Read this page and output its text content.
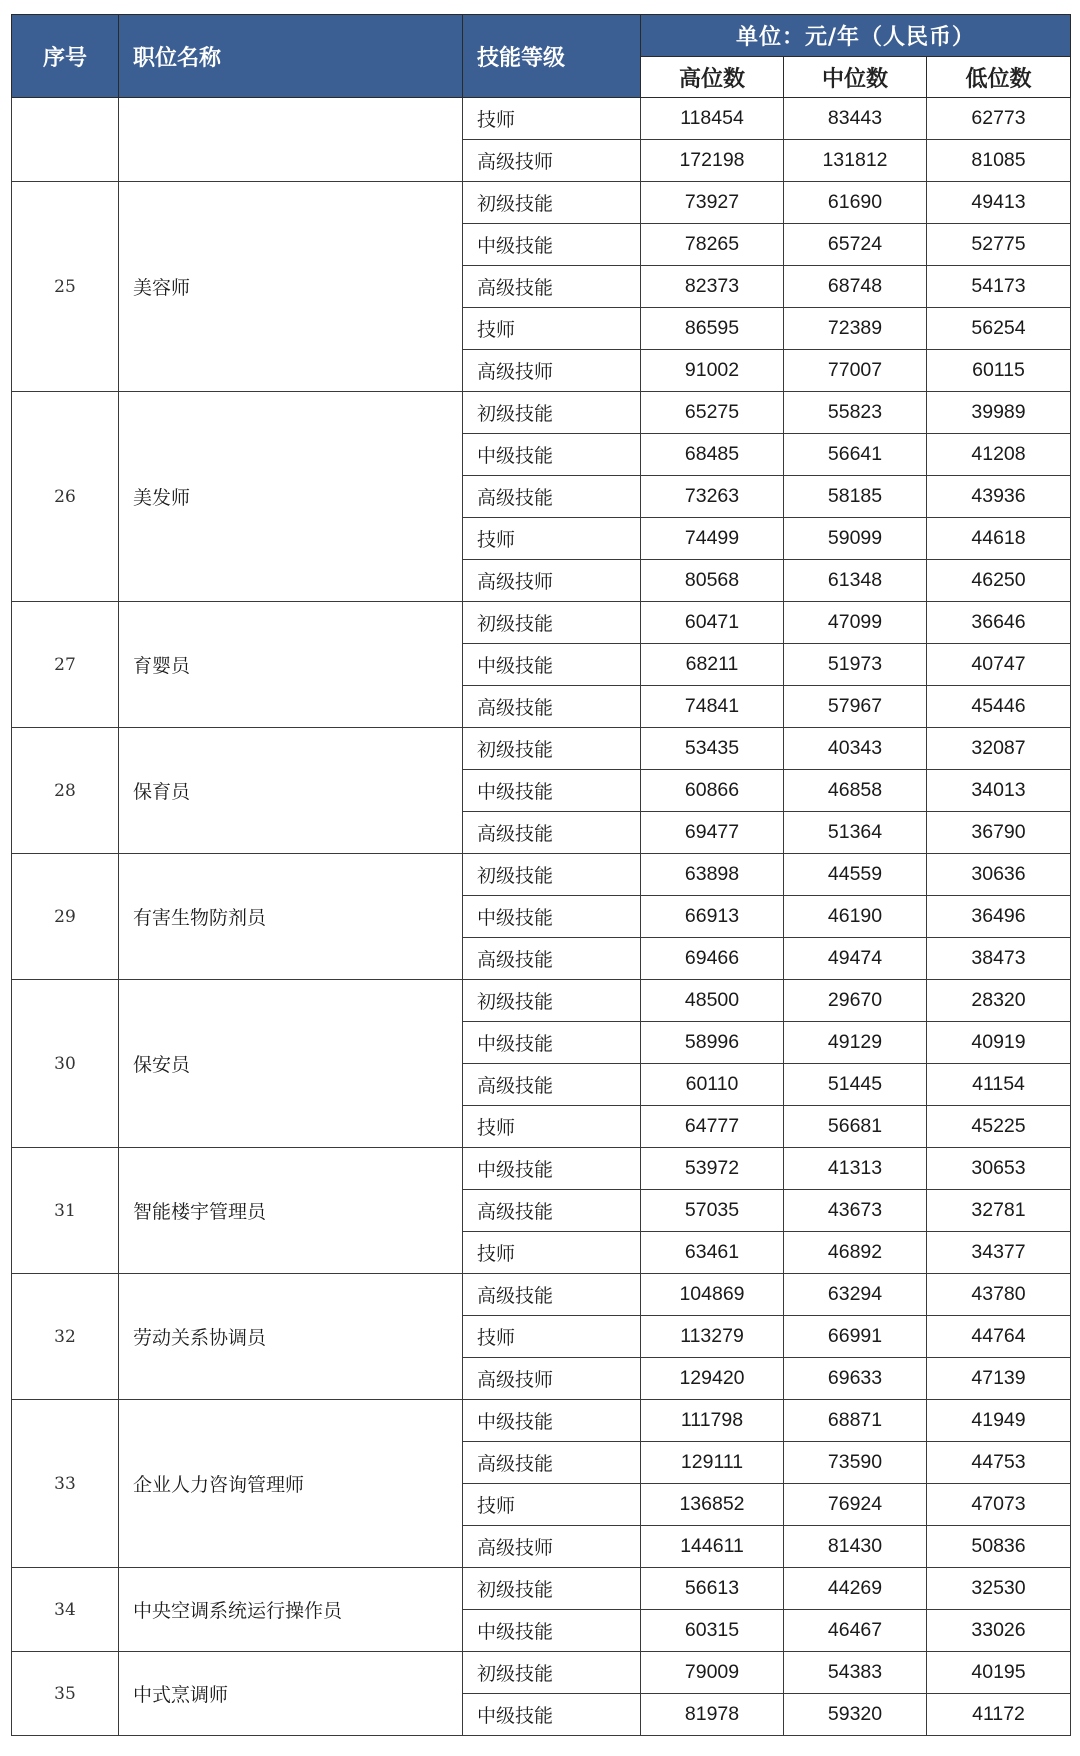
序号	职位名称	技能等级	单位：元/年（人民币）		
			高位数	中位数	低位数
		技师	118454	83443	62773
		高级技师	172198	131812	81085
25	美容师	初级技能	73927	61690	49413
		中级技能	78265	65724	52775
		高级技能	82373	68748	54173
		技师	86595	72389	56254
		高级技师	91002	77007	60115
26	美发师	初级技能	65275	55823	39989
		中级技能	68485	56641	41208
		高级技能	73263	58185	43936
		技师	74499	59099	44618
		高级技师	80568	61348	46250
27	育婴员	初级技能	60471	47099	36646
		中级技能	68211	51973	40747
		高级技能	74841	57967	45446
28	保育员	初级技能	53435	40343	32087
		中级技能	60866	46858	34013
		高级技能	69477	51364	36790
29	有害生物防剂员	初级技能	63898	44559	30636
		中级技能	66913	46190	36496
		高级技能	69466	49474	38473
30	保安员	初级技能	48500	29670	28320
		中级技能	58996	49129	40919
		高级技能	60110	51445	41154
		技师	64777	56681	45225
31	智能楼宇管理员	中级技能	53972	41313	30653
		高级技能	57035	43673	32781
		技师	63461	46892	34377
32	劳动关系协调员	高级技能	104869	63294	43780
		技师	113279	66991	44764
		高级技师	129420	69633	47139
33	企业人力咨询管理师	中级技能	111798	68871	41949
		高级技能	129111	73590	44753
		技师	136852	76924	47073
		高级技师	144611	81430	50836
34	中央空调系统运行操作员	初级技能	56613	44269	32530
		中级技能	60315	46467	33026
35	中式烹调师	初级技能	79009	54383	40195
		中级技能	81978	59320	41172
